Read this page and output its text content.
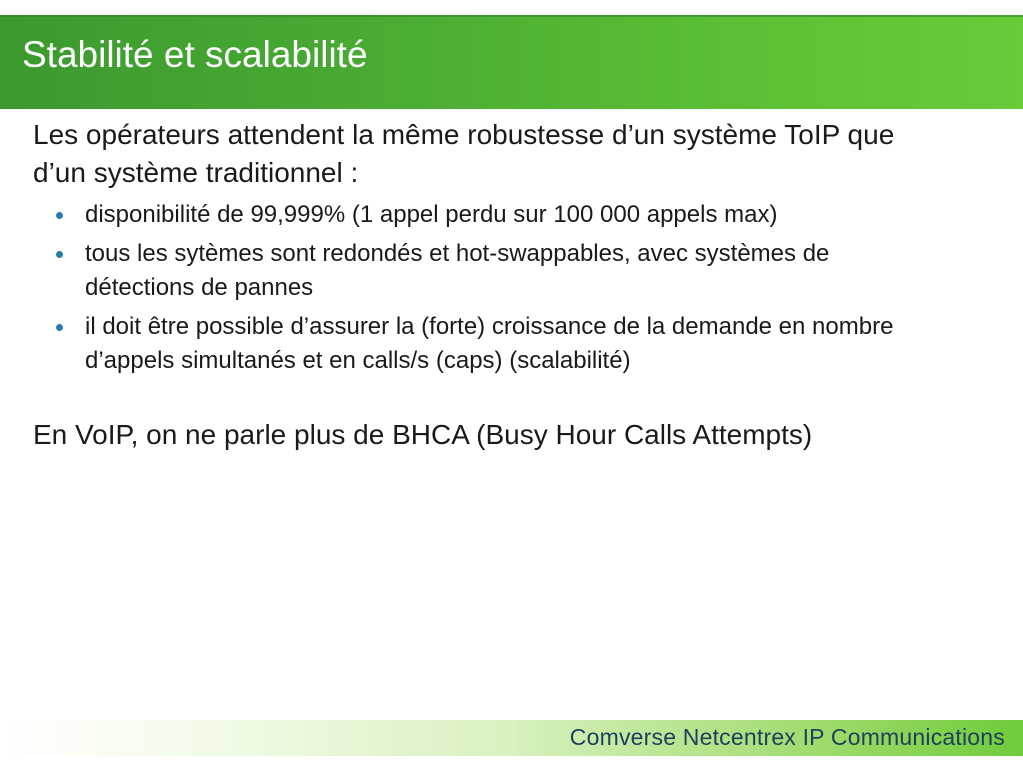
Stabilité et scalabilité

Les opérateurs attendent la même robustesse d’un système ToIP que d’un système traditionnel :

disponibilité de 99,999% (1 appel perdu sur 100 000 appels max)
tous les sytèmes sont redondés et hot-swappables, avec systèmes de détections de pannes
il doit être possible d’assurer la (forte) croissance de la demande en nombre d’appels simultanés et en calls/s (caps) (scalabilité)

En VoIP, on ne parle plus de BHCA (Busy Hour Calls Attempts)

Comverse Netcentrex IP Communications
